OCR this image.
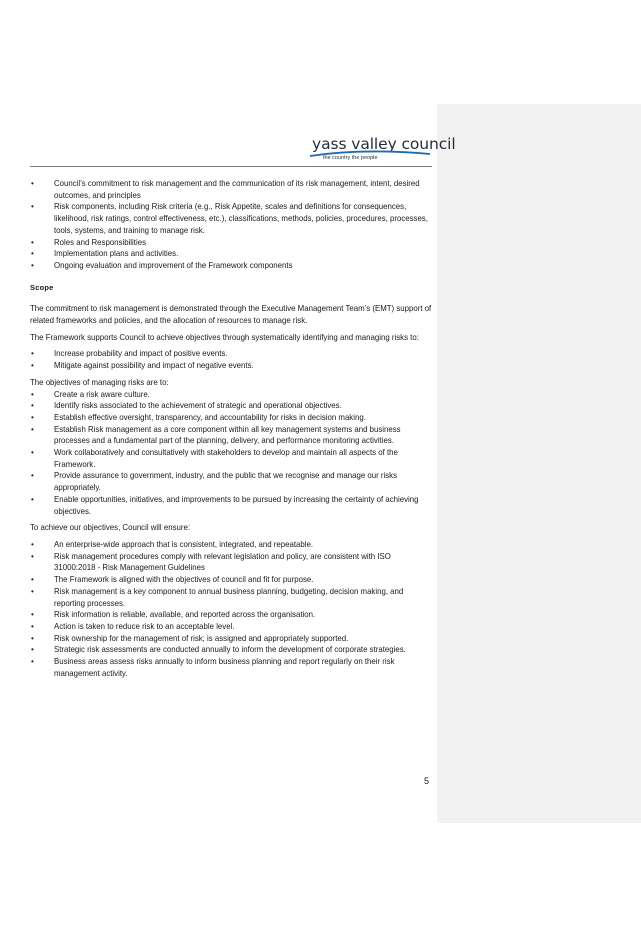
yass valley council
the country the people
• Council’s commitment to risk management and the communication of its risk management, intent, desired outcomes, and principles
• Risk components, including Risk criteria (e.g., Risk Appetite, scales and definitions for consequences, likelihood, risk ratings, control effectiveness, etc.), classifications, methods, policies, procedures, processes, tools, systems, and training to manage risk.
• Roles and Responsibilities
• Implementation plans and activities.
• Ongoing evaluation and improvement of the Framework components

Scope

The commitment to risk management is demonstrated through the Executive Management Team’s (EMT) support of related frameworks and policies, and the allocation of resources to manage risk.

The Framework supports Council to achieve objectives through systematically identifying and managing risks to:

• Increase probability and impact of positive events.
• Mitigate against possibility and impact of negative events.

The objectives of managing risks are to:

• Create a risk aware culture.
• Identify risks associated to the achievement of strategic and operational objectives.
• Establish effective oversight, transparency, and accountability for risks in decision making.
• Establish Risk management as a core component within all key management systems and business processes and a fundamental part of the planning, delivery, and performance monitoring activities.
• Work collaboratively and consultatively with stakeholders to develop and maintain all aspects of the Framework.
• Provide assurance to government, industry, and the public that we recognise and manage our risks appropriately.
• Enable opportunities, initiatives, and improvements to be pursued by increasing the certainty of achieving objectives.

To achieve our objectives, Council will ensure:

• An enterprise-wide approach that is consistent, integrated, and repeatable.
• Risk management procedures comply with relevant legislation and policy, are consistent with ISO 31000:2018 - Risk Management Guidelines
• The Framework is aligned with the objectives of council and fit for purpose.
• Risk management is a key component to annual business planning, budgeting, decision making, and reporting processes.
• Risk information is reliable, available, and reported across the organisation.
• Action is taken to reduce risk to an acceptable level.
• Risk ownership for the management of risk; is assigned and appropriately supported.
• Strategic risk assessments are conducted annually to inform the development of corporate strategies.
• Business areas assess risks annually to inform business planning and report regularly on their risk management activity.
5
